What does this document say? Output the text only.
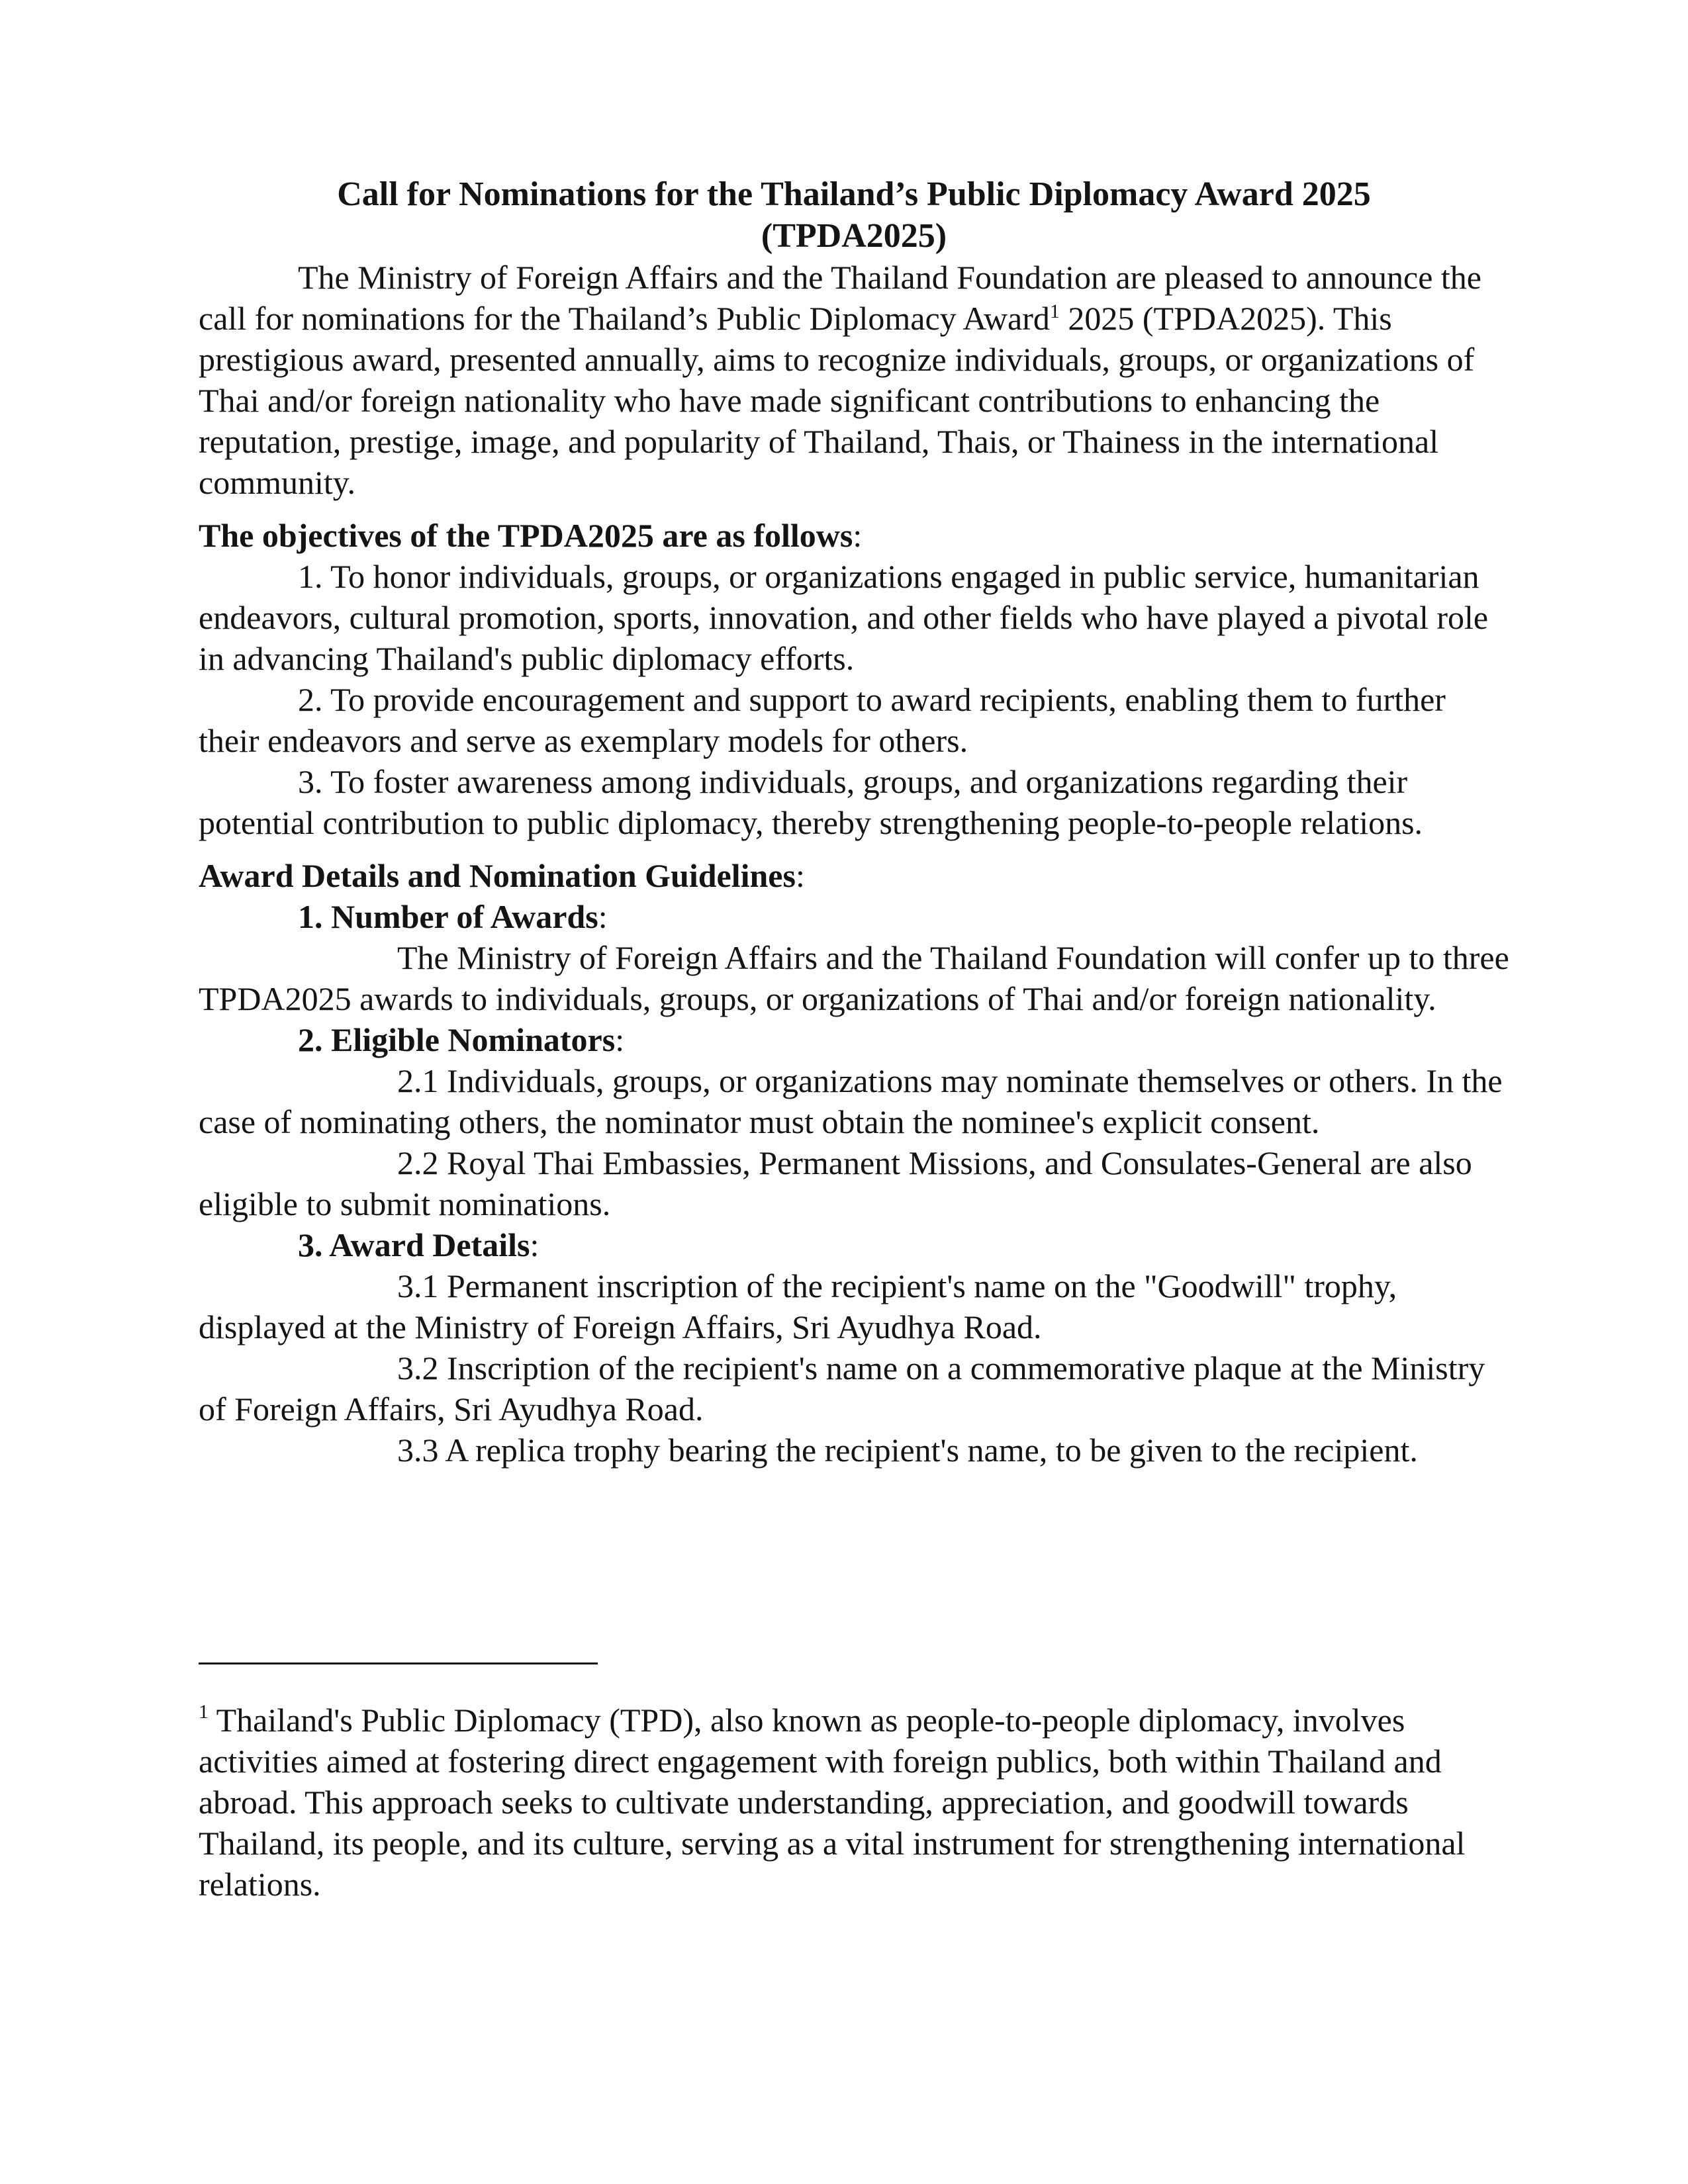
Call for Nominations for the Thailand’s Public Diplomacy Award 2025
(TPDA2025)

The Ministry of Foreign Affairs and the Thailand Foundation are pleased to announce the call for nominations for the Thailand’s Public Diplomacy Award$^1$ 2025 (TPDA2025). This prestigious award, presented annually, aims to recognize individuals, groups, or organizations of Thai and/or foreign nationality who have made significant contributions to enhancing the reputation, prestige, image, and popularity of Thailand, Thais, or Thainess in the international community.

The objectives of the TPDA2025 are as follows:

1. To honor individuals, groups, or organizations engaged in public service, humanitarian endeavors, cultural promotion, sports, innovation, and other fields who have played a pivotal role in advancing Thailand's public diplomacy efforts.

2. To provide encouragement and support to award recipients, enabling them to further their endeavors and serve as exemplary models for others.

3. To foster awareness among individuals, groups, and organizations regarding their potential contribution to public diplomacy, thereby strengthening people-to-people relations.

Award Details and Nomination Guidelines:

1. Number of Awards:

The Ministry of Foreign Affairs and the Thailand Foundation will confer up to three TPDA2025 awards to individuals, groups, or organizations of Thai and/or foreign nationality.

2. Eligible Nominators:

2.1 Individuals, groups, or organizations may nominate themselves or others. In the case of nominating others, the nominator must obtain the nominee's explicit consent.

2.2 Royal Thai Embassies, Permanent Missions, and Consulates-General are also eligible to submit nominations.

3. Award Details:

3.1 Permanent inscription of the recipient's name on the "Goodwill" trophy, displayed at the Ministry of Foreign Affairs, Sri Ayudhya Road.

3.2 Inscription of the recipient's name on a commemorative plaque at the Ministry of Foreign Affairs, Sri Ayudhya Road.

3.3 A replica trophy bearing the recipient's name, to be given to the recipient.

$^1$ Thailand's Public Diplomacy (TPD), also known as people-to-people diplomacy, involves activities aimed at fostering direct engagement with foreign publics, both within Thailand and abroad. This approach seeks to cultivate understanding, appreciation, and goodwill towards Thailand, its people, and its culture, serving as a vital instrument for strengthening international relations.
